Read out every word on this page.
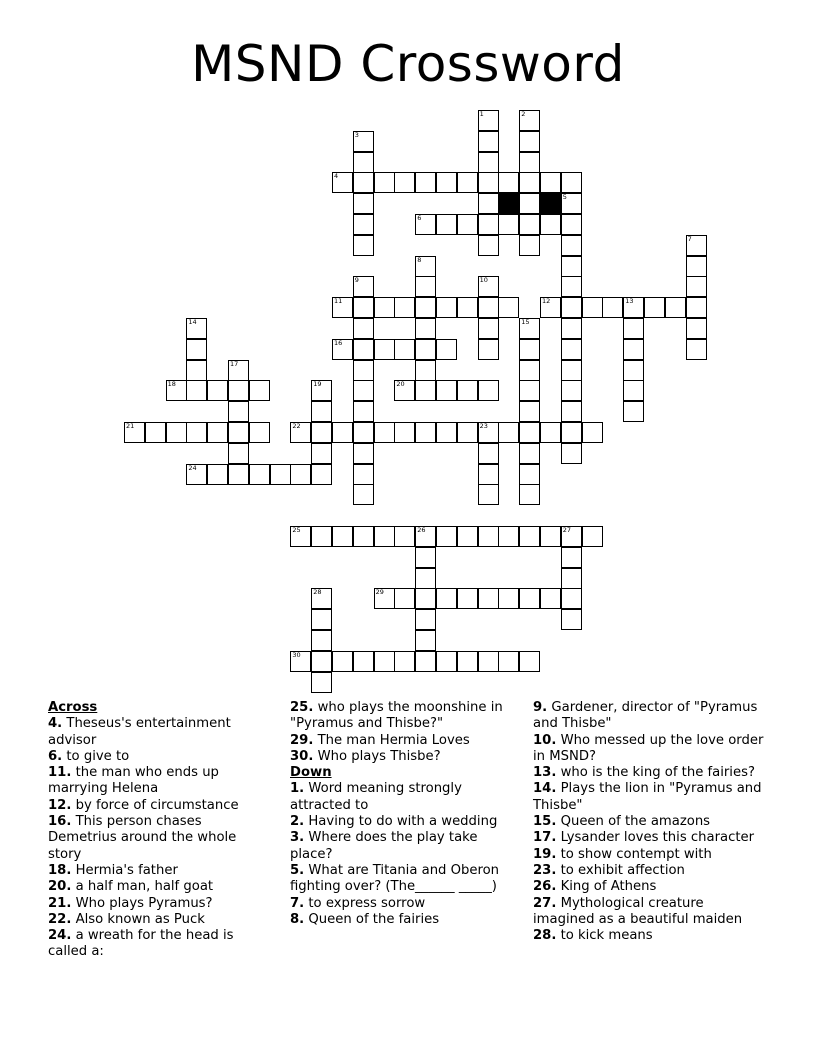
MSND Crossword
4
6
11	12	13
16
18	20
21	22	23
24
25	26	27
29
30
1	2
3
5
7
8
9	10
14	15
17
19
28
Across
4. Theseus's entertainment advisor
6. to give to
11. the man who ends up marrying Helena
12. by force of circumstance
16. This person chases Demetrius around the whole story
18. Hermia's father
20. a half man, half goat
21. Who plays Pyramus?
22. Also known as Puck
24. a wreath for the head is called a:
25. who plays the moonshine in "Pyramus and Thisbe?"
29. The man Hermia Loves
30. Who plays Thisbe?
Down
1. Word meaning strongly attracted to
2. Having to do with a wedding
3. Where does the play take place?
5. What are Titania and Oberon fighting over? (The______ _____)
7. to express sorrow
8. Queen of the fairies
9. Gardener, director of "Pyramus and Thisbe"
10. Who messed up the love order in MSND?
13. who is the king of the fairies?
14. Plays the lion in "Pyramus and Thisbe"
15. Queen of the amazons
17. Lysander loves this character
19. to show contempt with
23. to exhibit affection
26. King of Athens
27. Mythological creature imagined as a beautiful maiden
28. to kick means
